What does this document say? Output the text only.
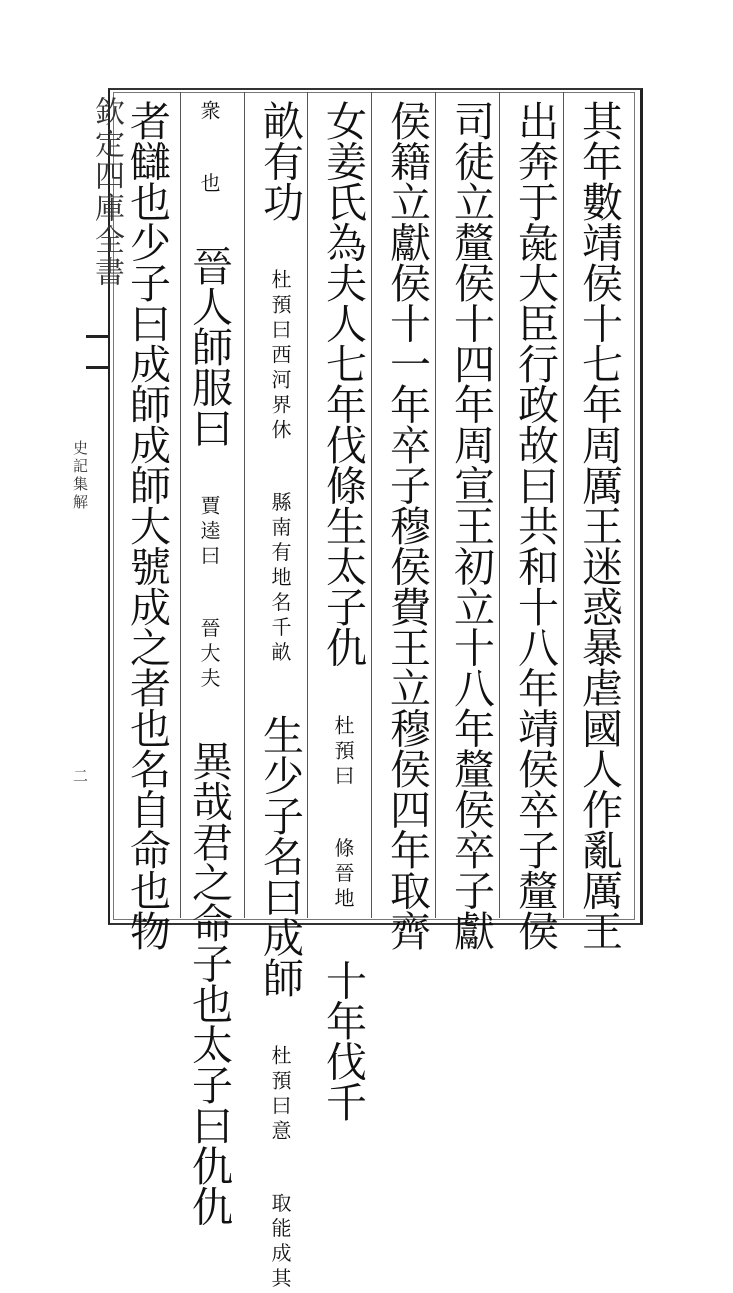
欽定四庫全書
史記集解
二	其年數靖侯十七年周厲王迷惑暴虐國人作亂厲王
出奔于彘大臣行政故曰共和十八年靖侯卒子釐侯
司徒立釐侯十四年周宣王初立十八年釐侯卒子獻
侯籍立獻侯十一年卒子穆侯費王立穆侯四年取齊
女姜氏為夫人七年伐條生太子仇 杜預曰 條晉地 十年伐千
畝有功 杜預曰西河界休 縣南有地名千畝 生少子名曰成師 杜預曰意 取能成其
衆 也 晉人師服曰 賈逵曰 晉大夫 異哉君之命子也太子曰仇仇
者讎也少子曰成師成師大號成之者也名自命也物
